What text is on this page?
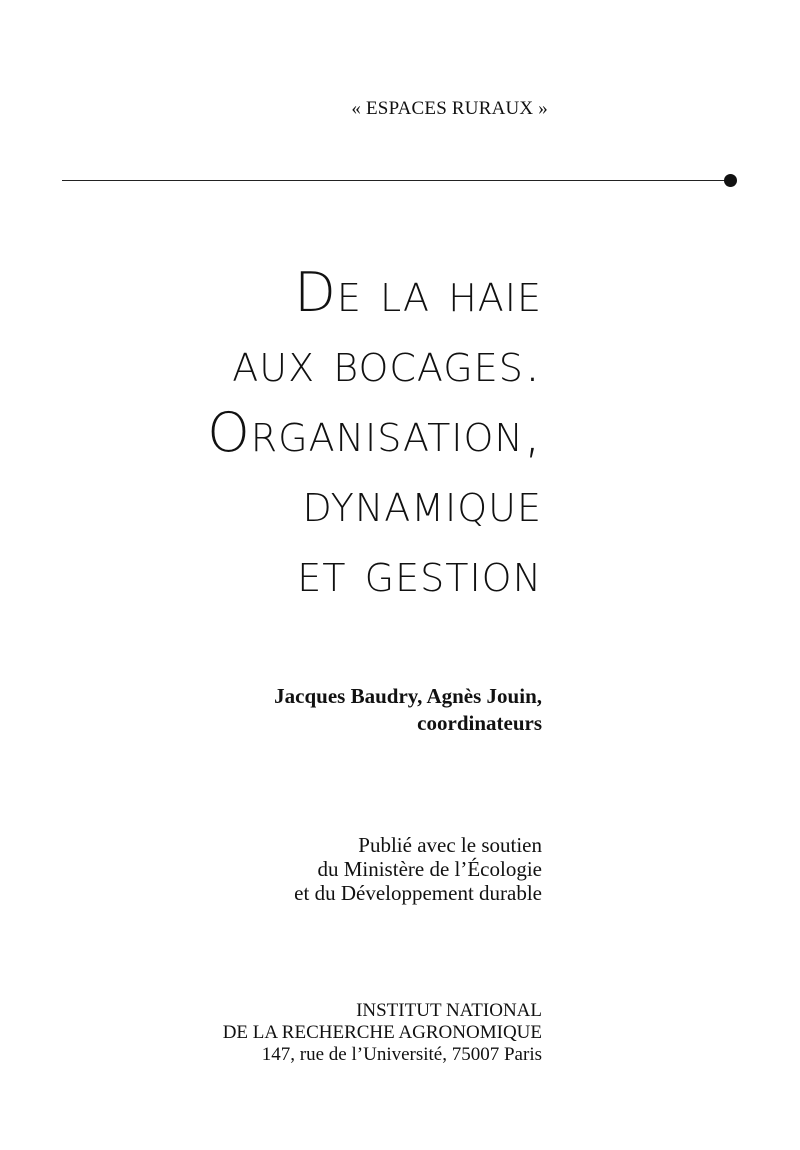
« ESPACES RURAUX »
De la haie
aux bocages.
Organisation,
dynamique
et gestion
Jacques Baudry, Agnès Jouin,
coordinateurs
Publié avec le soutien
du Ministère de l’Écologie
et du Développement durable
INSTITUT NATIONAL
DE LA RECHERCHE AGRONOMIQUE
147, rue de l’Université, 75007 Paris
